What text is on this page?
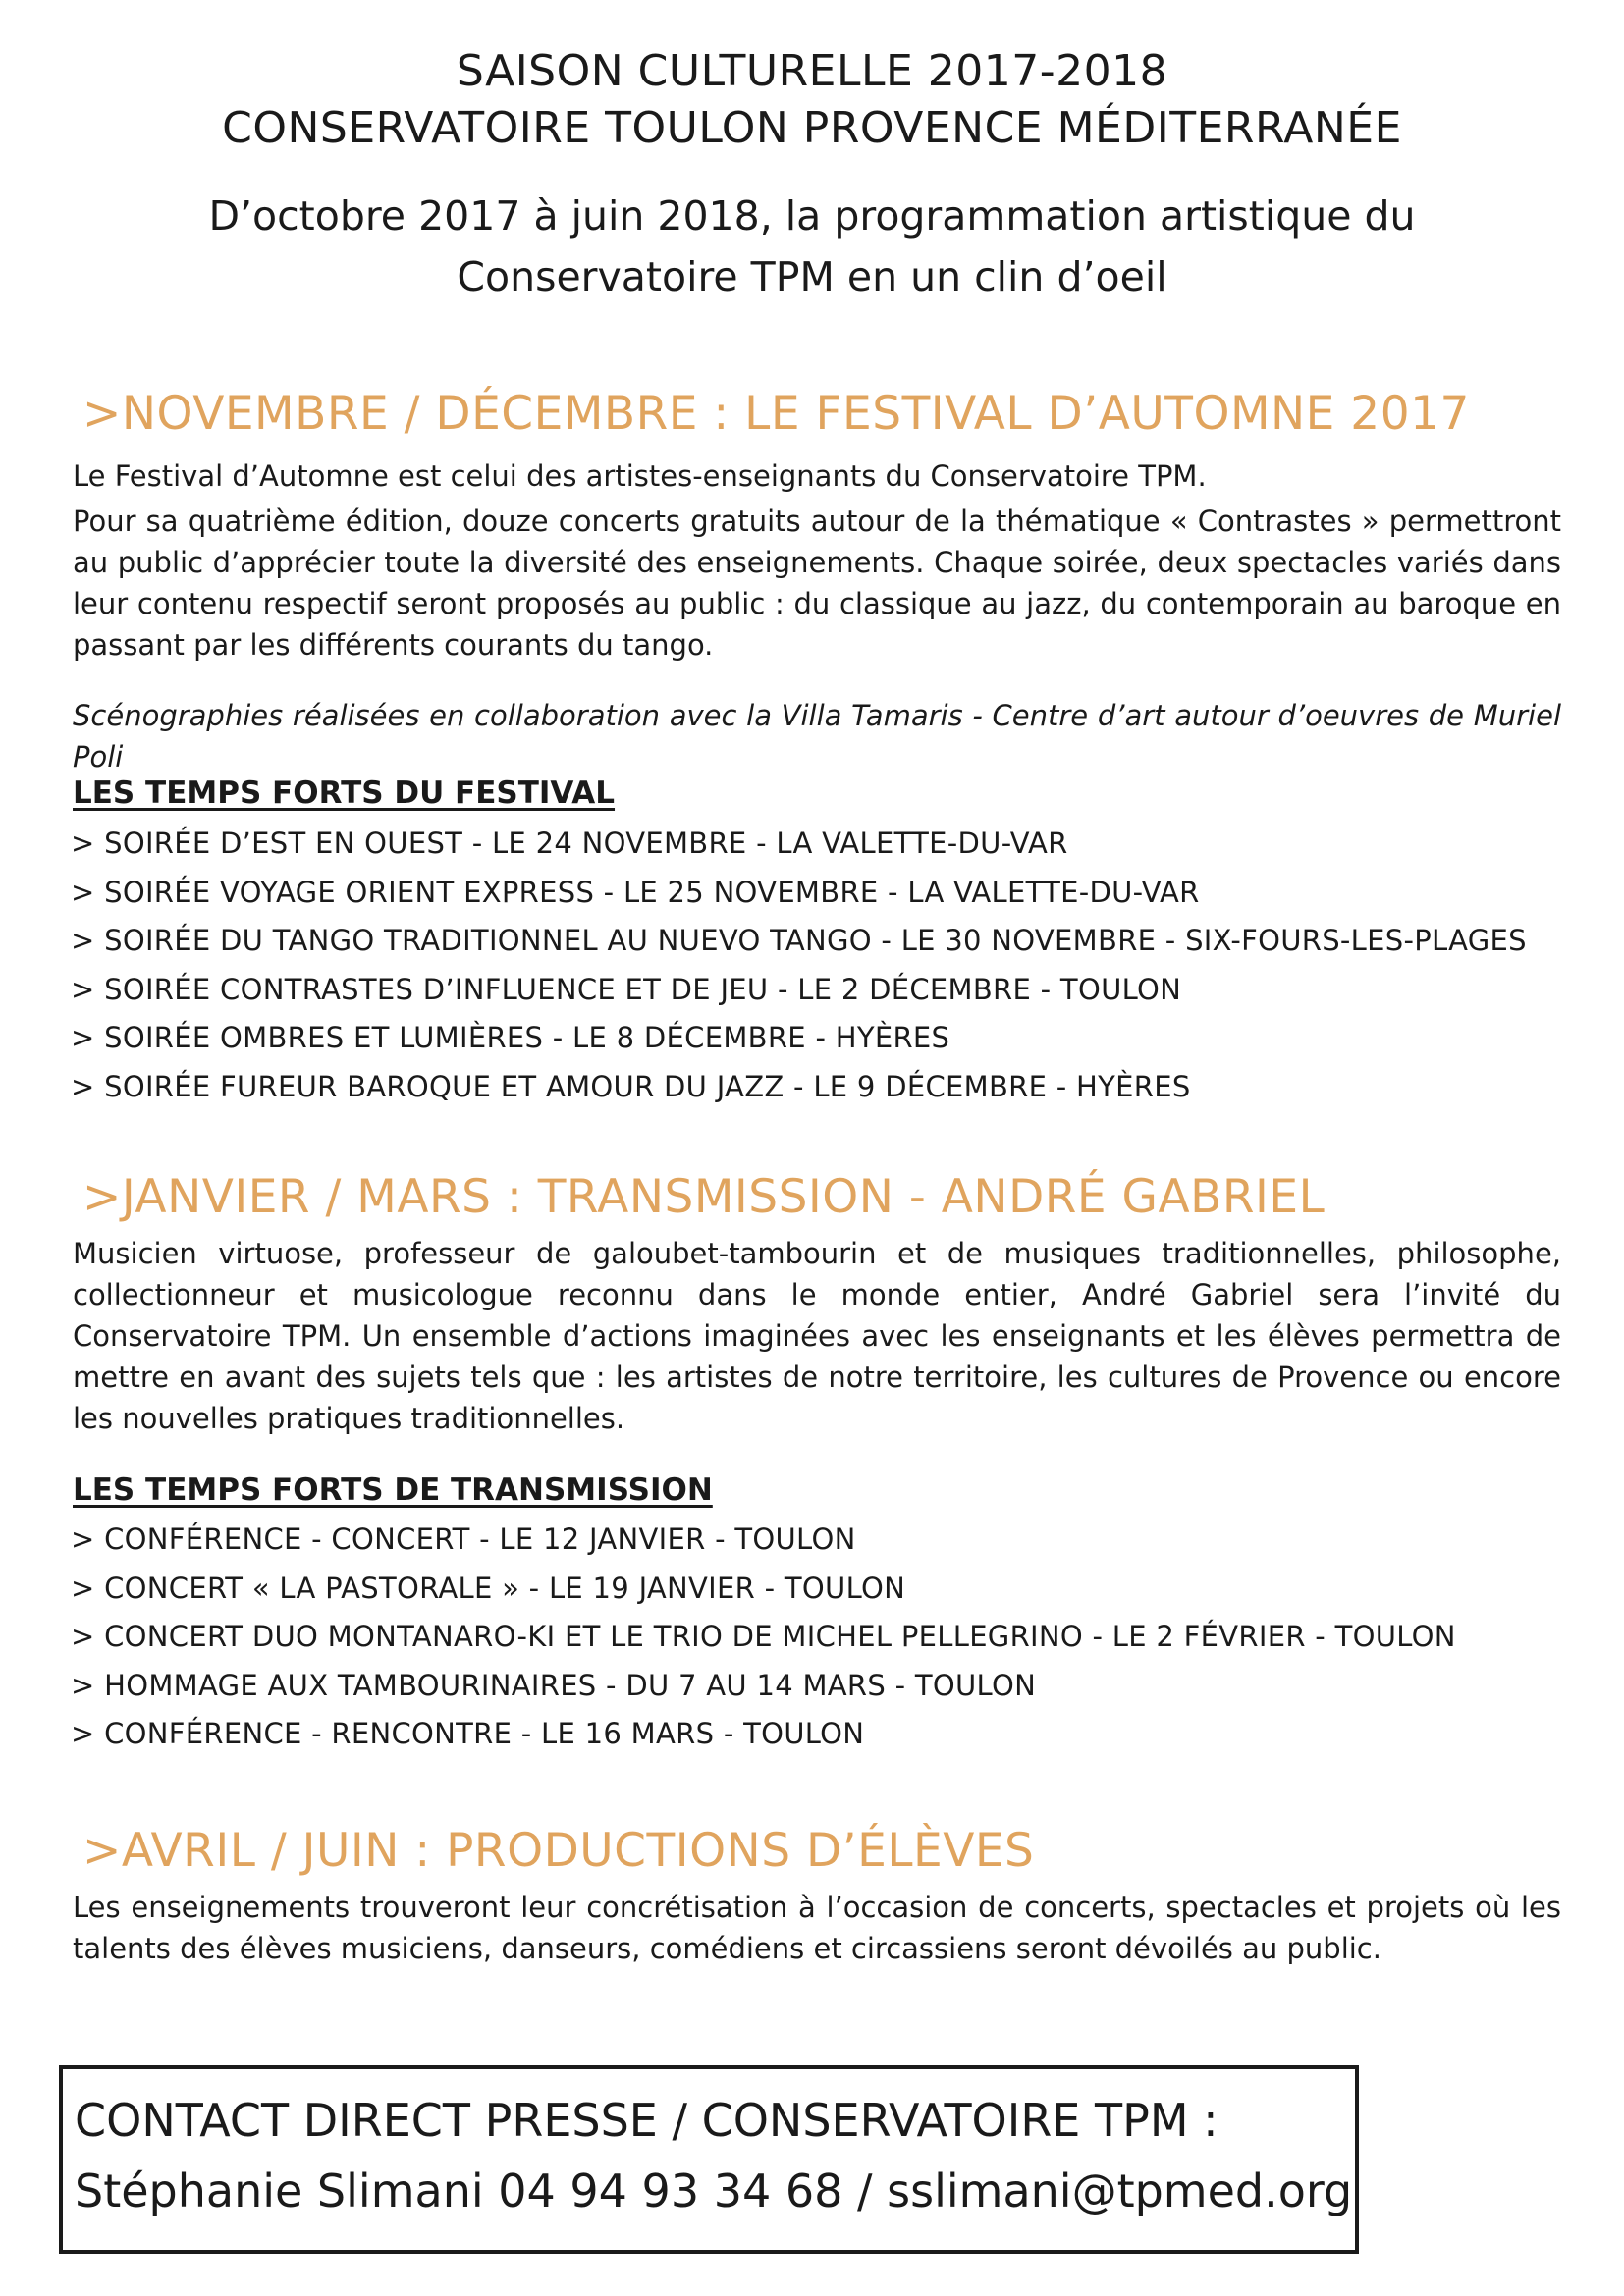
SAISON CULTURELLE 2017-2018
CONSERVATOIRE TOULON PROVENCE MÉDITERRANÉE
D’octobre 2017 à juin 2018, la programmation artistique du
Conservatoire TPM en un clin d’oeil
>NOVEMBRE / DÉCEMBRE : LE FESTIVAL D’AUTOMNE 2017
Le Festival d’Automne est celui des artistes-enseignants du Conservatoire TPM.
Pour sa quatrième édition, douze concerts gratuits autour de la thématique « Contrastes » permettront au public d’apprécier toute la diversité des enseignements. Chaque soirée, deux spectacles variés dans leur contenu respectif seront proposés au public : du classique au jazz, du contemporain au baroque en passant par les différents courants du tango.
Scénographies réalisées en collaboration avec la Villa Tamaris - Centre d’art autour d’oeuvres de Muriel Poli
LES TEMPS FORTS DU FESTIVAL
> SOIRÉE D’EST EN OUEST - LE 24 NOVEMBRE - LA VALETTE-DU-VAR
> SOIRÉE VOYAGE ORIENT EXPRESS - LE 25 NOVEMBRE - LA VALETTE-DU-VAR
> SOIRÉE DU TANGO TRADITIONNEL AU NUEVO TANGO - LE 30 NOVEMBRE - SIX-FOURS-LES-PLAGES
> SOIRÉE CONTRASTES D’INFLUENCE ET DE JEU - LE 2 DÉCEMBRE - TOULON
> SOIRÉE OMBRES ET LUMIÈRES - LE 8 DÉCEMBRE - HYÈRES
> SOIRÉE FUREUR BAROQUE ET AMOUR DU JAZZ - LE 9 DÉCEMBRE - HYÈRES
>JANVIER / MARS : TRANSMISSION - ANDRÉ GABRIEL
Musicien virtuose, professeur de galoubet-tambourin et de musiques traditionnelles, philosophe, collectionneur et musicologue reconnu dans le monde entier, André Gabriel sera l’invité du Conservatoire TPM. Un ensemble d’actions imaginées avec les enseignants et les élèves permettra de mettre en avant des sujets tels que : les artistes de notre territoire, les cultures de Provence ou encore les nouvelles pratiques traditionnelles.
LES TEMPS FORTS DE TRANSMISSION
> CONFÉRENCE - CONCERT - LE 12 JANVIER - TOULON
> CONCERT « LA PASTORALE » - LE 19 JANVIER - TOULON
> CONCERT DUO MONTANARO-KI ET LE TRIO DE MICHEL PELLEGRINO - LE 2 FÉVRIER - TOULON
> HOMMAGE AUX TAMBOURINAIRES - DU 7 AU 14 MARS - TOULON
> CONFÉRENCE - RENCONTRE - LE 16 MARS - TOULON
>AVRIL / JUIN : PRODUCTIONS D’ÉLÈVES
Les enseignements trouveront leur concrétisation à l’occasion de concerts, spectacles et projets où les talents des élèves musiciens, danseurs, comédiens et circassiens seront dévoilés au public.
CONTACT DIRECT PRESSE / CONSERVATOIRE TPM :
Stéphanie Slimani 04 94 93 34 68 / sslimani@tpmed.org
